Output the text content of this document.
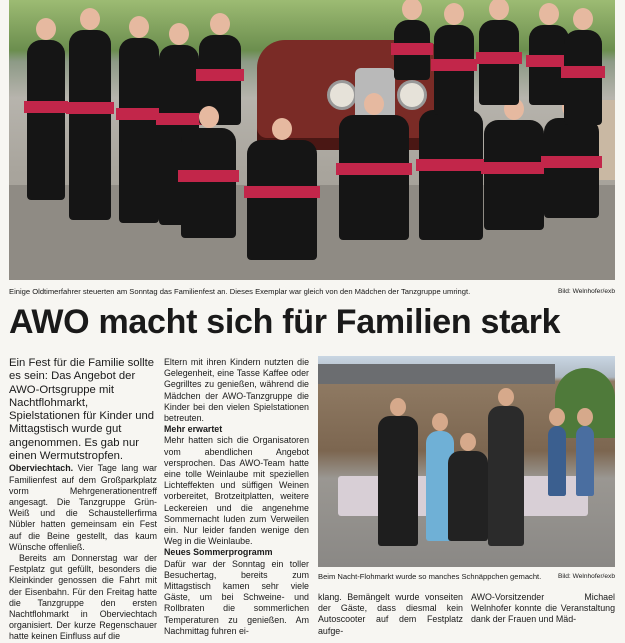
Einige Oldtimerfahrer steuerten am Sonntag das Familienfest an. Dieses Exemplar war gleich von den Mädchen der Tanzgruppe umringt.	Bild: Welnhofer/exb
AWO macht sich für Familien stark

Ein Fest für die Familie sollte es sein: Das Angebot der AWO-Ortsgruppe mit Nachtflohmarkt, Spielstationen für Kinder und Mittagstisch wurde gut angenommen. Es gab nur einen Wermutstropfen.

Oberviechtach. Vier Tage lang war Familienfest auf dem Großparkplatz vorm Mehrgenerationentreff angesagt. Die Tanzgruppe Grün-Weiß und die Schaustellerfirma Nübler hatten gemeinsam ein Fest auf die Beine gestellt, das kaum Wünsche offenließ.

Bereits am Donnerstag war der Festplatz gut gefüllt, besonders die Kleinkinder genossen die Fahrt mit der Eisenbahn. Für den Freitag hatte die Tanzgruppe den ersten Nachtflohmarkt in Oberviechtach organisiert. Der kurze Regenschauer hatte keinen Einfluss auf die

Eltern mit ihren Kindern nutzten die Gelegenheit, eine Tasse Kaffee oder Gegrilltes zu genießen, während die Mädchen der AWO-Tanzgruppe die Kinder bei den vielen Spielstationen betreuten.

Mehr erwartet

Mehr hatten sich die Organisatoren vom abendlichen Angebot versprochen. Das AWO-Team hatte eine tolle Weinlaube mit speziellen Lichteffekten und süffigen Weinen vorbereitet, Brotzeitplatten, weitere Leckereien und die angenehme Sommernacht luden zum Verweilen ein. Nur leider fanden wenige den Weg in die Weinlaube.

Neues Sommerprogramm

Dafür war der Sonntag ein toller Besuchertag, bereits zum Mittagstisch kamen sehr viele Gäste, um bei Schweine- und Rollbraten die sommerlichen Temperaturen zu genießen. Am Nachmittag fuhren ei-

Beim Nacht-Flohmarkt wurde so manches Schnäppchen gemacht.	Bild: Welnhofer/exb
klang. Bemängelt wurde vonseiten der Gäste, dass diesmal kein Autoscooter auf dem Festplatz aufge-
AWO-Vorsitzender Michael Welnhofer konnte die Veranstaltung dank der Frauen und Mäd-
